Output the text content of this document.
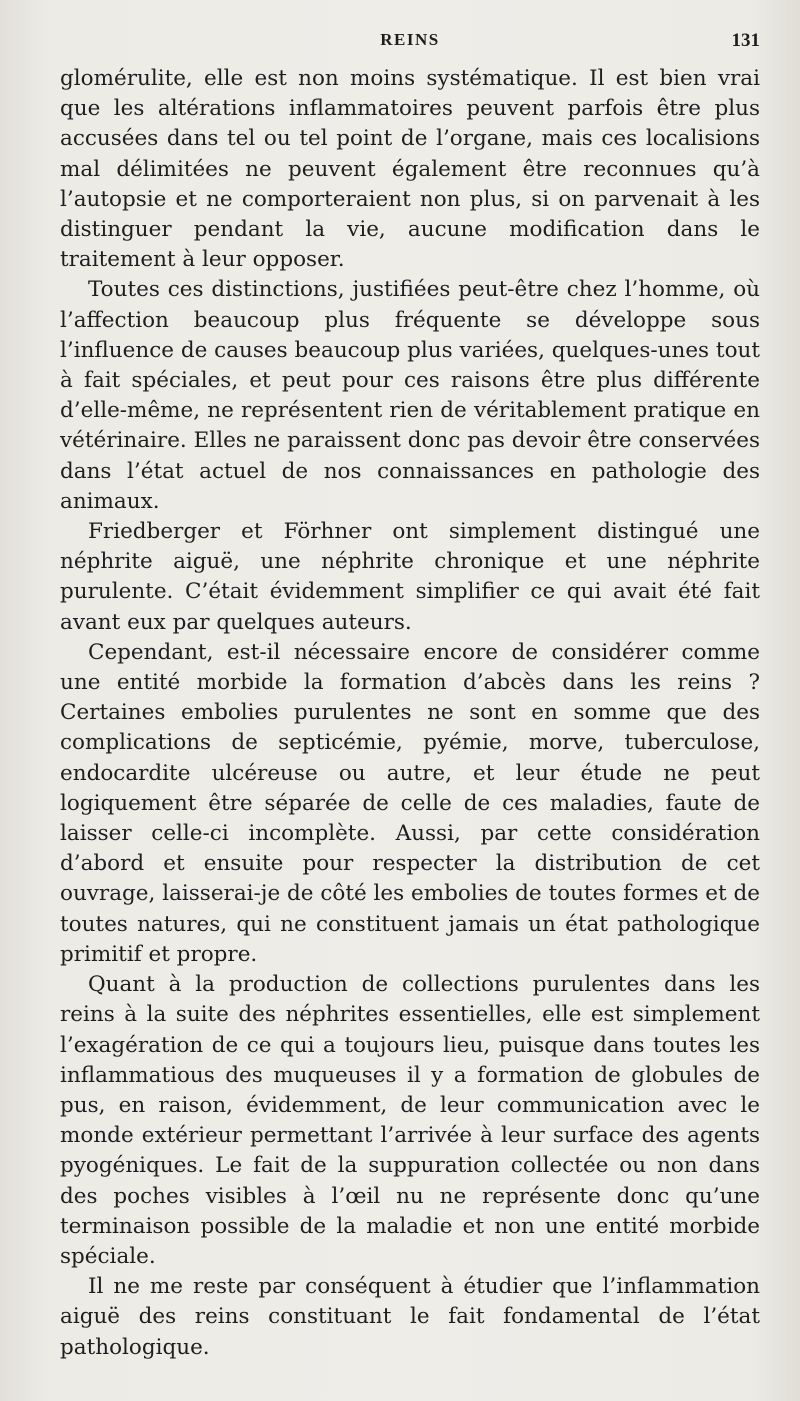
REINS	131

glomérulite, elle est non moins systématique. Il est bien vrai que les altérations inflammatoires peuvent parfois être plus accusées dans tel ou tel point de l’organe, mais ces localisions mal délimitées ne peuvent également être reconnues qu’à l’autopsie et ne comporteraient non plus, si on parvenait à les distinguer pendant la vie, aucune modification dans le traitement à leur opposer.

Toutes ces distinctions, justifiées peut-être chez l’homme, où l’affection beaucoup plus fréquente se développe sous l’influence de causes beaucoup plus variées, quelques-unes tout à fait spéciales, et peut pour ces raisons être plus différente d’elle-même, ne représentent rien de véritablement pratique en vétérinaire. Elles ne paraissent donc pas devoir être conservées dans l’état actuel de nos connaissances en pathologie des animaux.

Friedberger et Förhner ont simplement distingué une néphrite aiguë, une néphrite chronique et une néphrite purulente. C’était évidemment simplifier ce qui avait été fait avant eux par quelques auteurs.

Cependant, est-il nécessaire encore de considérer comme une entité morbide la formation d’abcès dans les reins ? Certaines embolies purulentes ne sont en somme que des complications de septicémie, pyémie, morve, tuberculose, endocardite ulcéreuse ou autre, et leur étude ne peut logiquement être séparée de celle de ces maladies, faute de laisser celle-ci incomplète. Aussi, par cette considération d’abord et ensuite pour respecter la distribution de cet ouvrage, laisserai-je de côté les embolies de toutes formes et de toutes natures, qui ne constituent jamais un état pathologique primitif et propre.

Quant à la production de collections purulentes dans les reins à la suite des néphrites essentielles, elle est simplement l’exagération de ce qui a toujours lieu, puisque dans toutes les inflammatious des muqueuses il y a formation de globules de pus, en raison, évidemment, de leur communication avec le monde extérieur permettant l’arrivée à leur surface des agents pyogéniques. Le fait de la suppuration collectée ou non dans des poches visibles à l’œil nu ne représente donc qu’une terminaison possible de la maladie et non une entité morbide spéciale.

Il ne me reste par conséquent à étudier que l’inflammation aiguë des reins constituant le fait fondamental de l’état pathologique.
